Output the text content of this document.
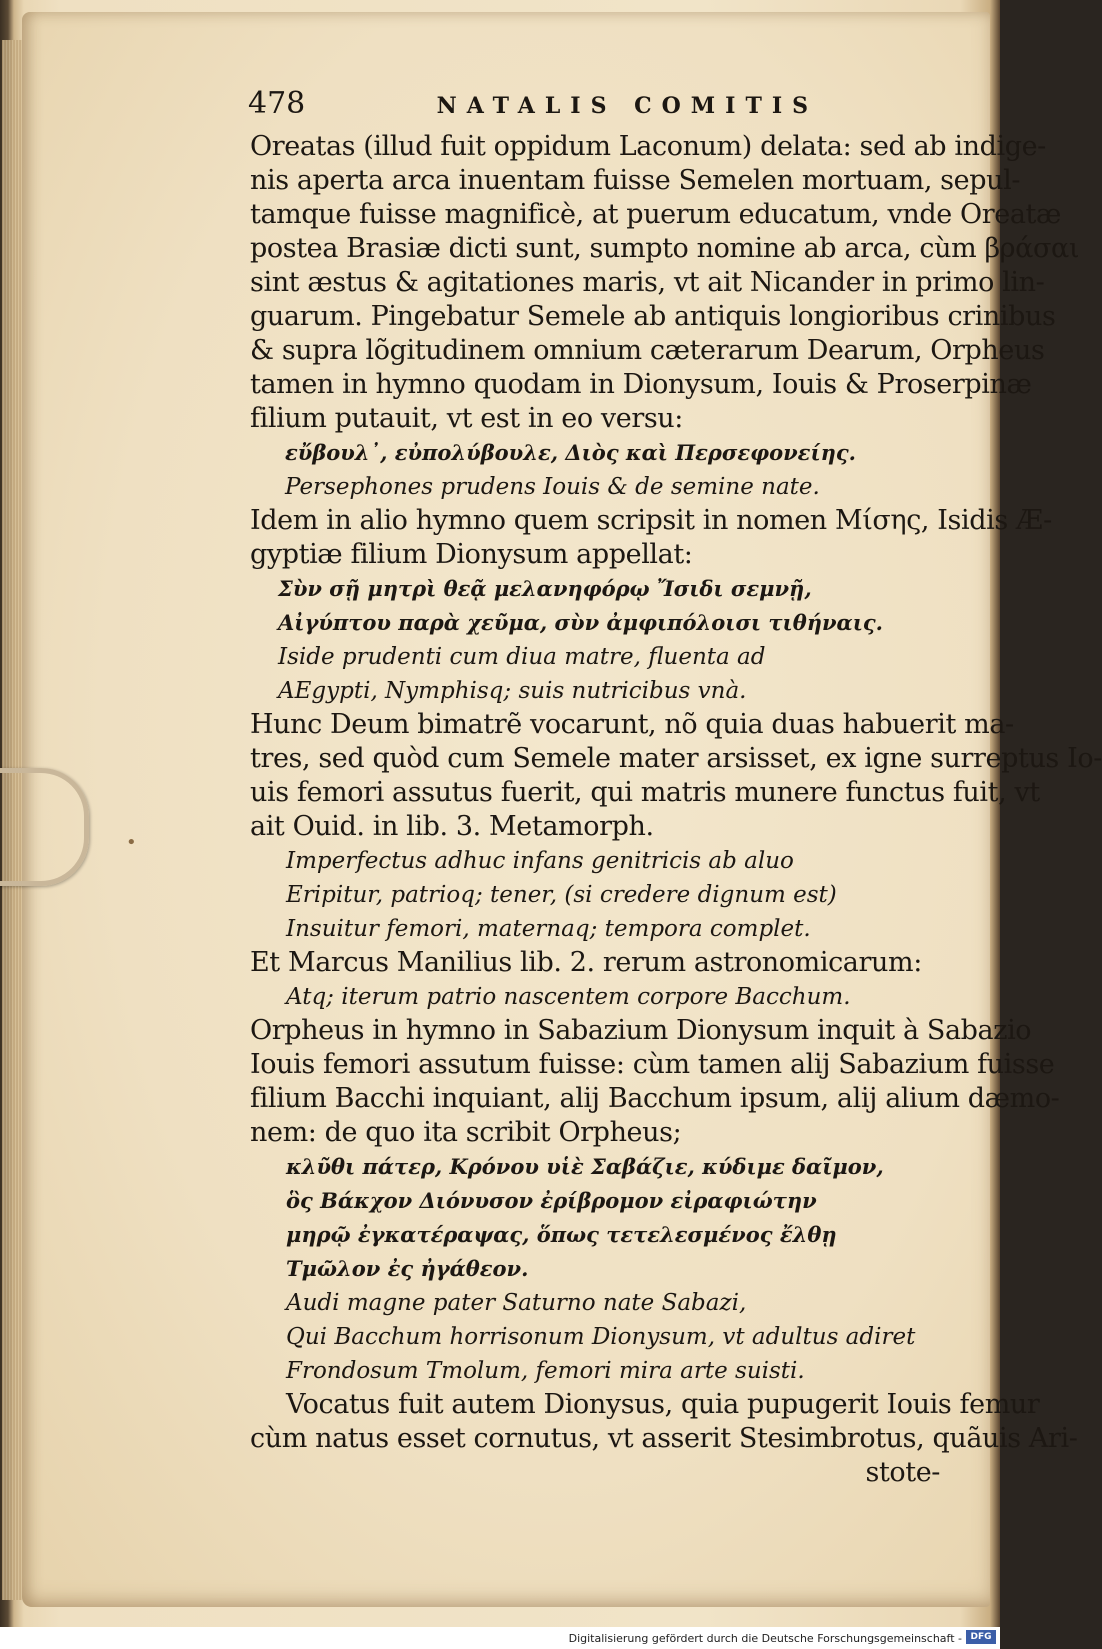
•
478	NATALIS COMITIS
Oreatas (illud fuit oppidum Laconum) delata: sed ab indige-
nis aperta arca inuentam fuisse Semelen mortuam, sepul-
tamque fuisse magnificè, at puerum educatum, vnde Oreatæ
postea Brasiæ dicti sunt, sumpto nomine ab arca, cùm βράσαι
sint æstus & agitationes maris, vt ait Nicander in primo lin-
guarum. Pingebatur Semele ab antiquis longioribus crinibus
& supra lõgitudinem omnium cæterarum Dearum, Orpheus
tamen in hymno quodam in Dionysum, Iouis & Proserpinæ
filium putauit, vt est in eo versu:
εὔβουλ᾽, εὐπολύβουλε, Διὸς καὶ Περσεφονείης.
Persephones prudens Iouis & de semine nate.
Idem in alio hymno quem scripsit in nomen Μίσης, Isidis Æ-
gyptiæ filium Dionysum appellat:
Σὺν σῇ μητρὶ θεᾷ μελανηφόρῳ Ἴσιδι σεμνῇ,
Αἰγύπτου παρὰ χεῦμα, σὺν ἀμφιπόλοισι τιθήναις.
Iside prudenti cum diua matre, fluenta ad
AEgypti, Nymphisq; suis nutricibus vnà.
Hunc Deum bimatrẽ vocarunt, nõ quia duas habuerit ma-
tres, sed quòd cum Semele mater arsisset, ex igne surreptus Io-
uis femori assutus fuerit, qui matris munere functus fuit, vt
ait Ouid. in lib. 3. Metamorph.
Imperfectus adhuc infans genitricis ab aluo
Eripitur, patrioq; tener, (si credere dignum est)
Insuitur femori, maternaq; tempora complet.
Et Marcus Manilius lib. 2. rerum astronomicarum:
Atq; iterum patrio nascentem corpore Bacchum.
Orpheus in hymno in Sabazium Dionysum inquit à Sabazio
Iouis femori assutum fuisse: cùm tamen alij Sabazium fuisse
filium Bacchi inquiant, alij Bacchum ipsum, alij alium dæmo-
nem: de quo ita scribit Orpheus;
κλῦθι πάτερ, Κρόνου υἱὲ Σαβάζιε, κύδιμε δαῖμον,
ὃς Βάκχον Διόνυσον ἐρίβρομον εἰραφιώτην
μηρῷ ἐγκατέραψας, ὅπως τετελεσμένος ἔλθῃ
Τμῶλον ἐς ἠγάθεον.
Audi magne pater Saturno nate Sabazi,
Qui Bacchum horrisonum Dionysum, vt adultus adiret
Frondosum Tmolum, femori mira arte suisti.
Vocatus fuit autem Dionysus, quia pupugerit Iouis femur
cùm natus esset cornutus, vt asserit Stesimbrotus, quãuis Ari-
stote-
Digitalisierung gefördert durch die Deutsche Forschungsgemeinschaft - DFG
